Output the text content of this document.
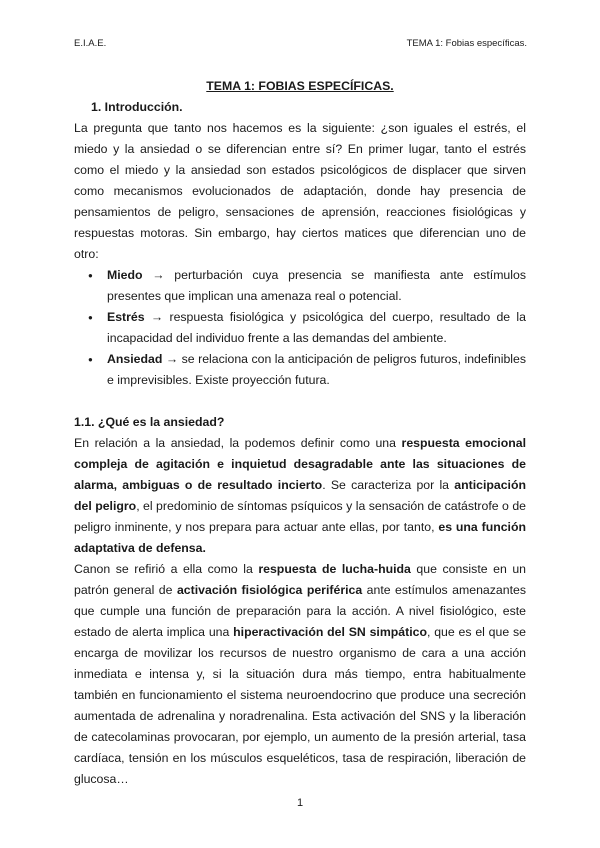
E.I.A.E.	TEMA 1: Fobias específicas.
TEMA 1: FOBIAS ESPECÍFICAS.
1. Introducción.

La pregunta que tanto nos hacemos es la siguiente: ¿son iguales el estrés, el miedo y la ansiedad o se diferencian entre sí? En primer lugar, tanto el estrés como el miedo y la ansiedad son estados psicológicos de displacer que sirven como mecanismos evolucionados de adaptación, donde hay presencia de pensamientos de peligro, sensaciones de aprensión, reacciones fisiológicas y respuestas motoras. Sin embargo, hay ciertos matices que diferencian uno de otro:

● Miedo → perturbación cuya presencia se manifiesta ante estímulos presentes que implican una amenaza real o potencial.
● Estrés → respuesta fisiológica y psicológica del cuerpo, resultado de la incapacidad del individuo frente a las demandas del ambiente.
● Ansiedad → se relaciona con la anticipación de peligros futuros, indefinibles e imprevisibles. Existe proyección futura.
1.1. ¿Qué es la ansiedad?

En relación a la ansiedad, la podemos definir como una respuesta emocional compleja de agitación e inquietud desagradable ante las situaciones de alarma, ambiguas o de resultado incierto. Se caracteriza por la anticipación del peligro, el predominio de síntomas psíquicos y la sensación de catástrofe o de peligro inminente, y nos prepara para actuar ante ellas, por tanto, es una función adaptativa de defensa.

Canon se refirió a ella como la respuesta de lucha-huida que consiste en un patrón general de activación fisiológica periférica ante estímulos amenazantes que cumple una función de preparación para la acción. A nivel fisiológico, este estado de alerta implica una hiperactivación del SN simpático, que es el que se encarga de movilizar los recursos de nuestro organismo de cara a una acción inmediata e intensa y, si la situación dura más tiempo, entra habitualmente también en funcionamiento el sistema neuroendocrino que produce una secreción aumentada de adrenalina y noradrenalina. Esta activación del SNS y la liberación de catecolaminas provocaran, por ejemplo, un aumento de la presión arterial, tasa cardíaca, tensión en los músculos esqueléticos, tasa de respiración, liberación de glucosa…

1
